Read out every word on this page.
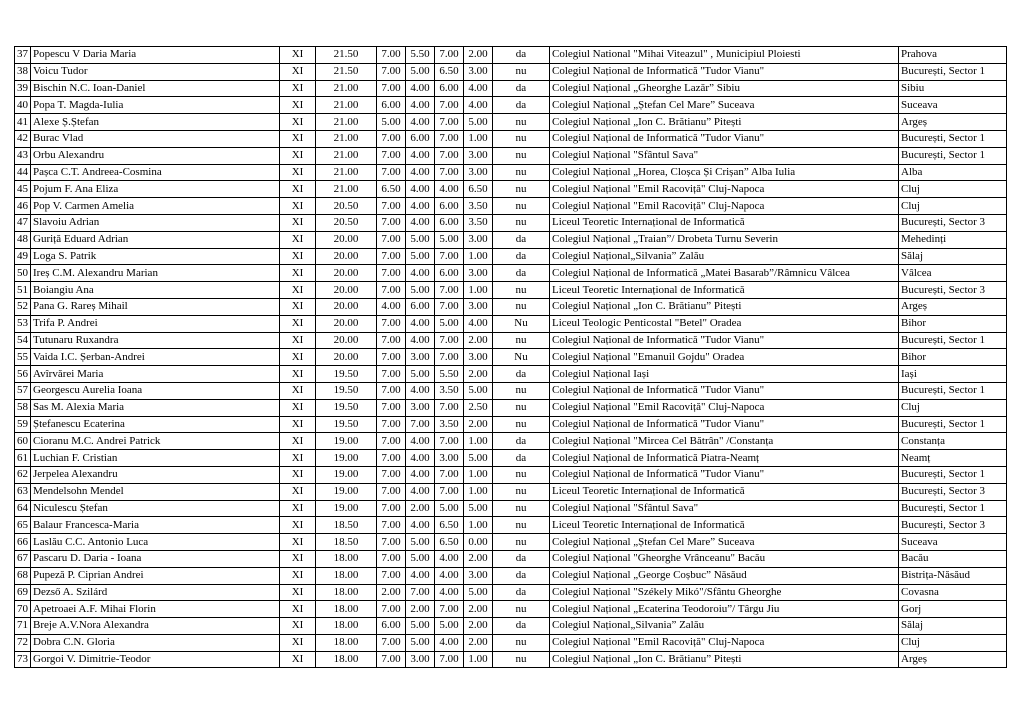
37	Popescu V Daria Maria	XI	21.50	7.00	5.50	7.00	2.00	da	Colegiul National "Mihai Viteazul" , Municipiul Ploiesti	Prahova
38	Voicu Tudor	XI	21.50	7.00	5.00	6.50	3.00	nu	Colegiul Național de Informatică ''Tudor Vianu"	București, Sector 1
39	Bischin N.C. Ioan-Daniel	XI	21.00	7.00	4.00	6.00	4.00	da	Colegiul Național „Gheorghe Lazăr” Sibiu	Sibiu
40	Popa T. Magda-Iulia	XI	21.00	6.00	4.00	7.00	4.00	da	Colegiul Național „Ștefan Cel Mare” Suceava	Suceava
41	Alexe Ș.Ștefan	XI	21.00	5.00	4.00	7.00	5.00	nu	Colegiul Național „Ion C. Brătianu” Pitești	Argeș
42	Burac Vlad	XI	21.00	7.00	6.00	7.00	1.00	nu	Colegiul Național de Informatică ''Tudor Vianu"	București, Sector 1
43	Orbu Alexandru	XI	21.00	7.00	4.00	7.00	3.00	nu	Colegiul Național "Sfântul Sava"	București, Sector 1
44	Pașca C.T. Andreea-Cosmina	XI	21.00	7.00	4.00	7.00	3.00	nu	Colegiul Național „Horea, Cloșca Și Crișan” Alba Iulia	Alba
45	Pojum F. Ana Eliza	XI	21.00	6.50	4.00	4.00	6.50	nu	Colegiul Național "Emil Racoviță" Cluj-Napoca	Cluj
46	Pop V. Carmen Amelia	XI	20.50	7.00	4.00	6.00	3.50	nu	Colegiul Național "Emil Racoviță" Cluj-Napoca	Cluj
47	Slavoiu Adrian	XI	20.50	7.00	4.00	6.00	3.50	nu	Liceul Teoretic Internațional de Informatică	București, Sector 3
48	Guriță Eduard Adrian	XI	20.00	7.00	5.00	5.00	3.00	da	Colegiul Național „Traian”/ Drobeta Turnu Severin	Mehedinți
49	Loga S. Patrik	XI	20.00	7.00	5.00	7.00	1.00	da	Colegiul Național„Silvania” Zalău	Sălaj
50	Ireș C.M. Alexandru Marian	XI	20.00	7.00	4.00	6.00	3.00	da	Colegiul Național de Informatică „Matei Basarab”/Râmnicu Vâlcea	Vâlcea
51	Boiangiu Ana	XI	20.00	7.00	5.00	7.00	1.00	nu	Liceul Teoretic Internațional de Informatică	București, Sector 3
52	Pana G. Rareș Mihail	XI	20.00	4.00	6.00	7.00	3.00	nu	Colegiul Național „Ion C. Brătianu” Pitești	Argeș
53	Trifa P. Andrei	XI	20.00	7.00	4.00	5.00	4.00	Nu	Liceul Teologic Penticostal "Betel" Oradea	Bihor
54	Tutunaru Ruxandra	XI	20.00	7.00	4.00	7.00	2.00	nu	Colegiul Național de Informatică ''Tudor Vianu"	București, Sector 1
55	Vaida I.C. Șerban-Andrei	XI	20.00	7.00	3.00	7.00	3.00	Nu	Colegiul Național "Emanuil Gojdu" Oradea	Bihor
56	Avîrvărei Maria	XI	19.50	7.00	5.00	5.50	2.00	da	Colegiul Național Iași	Iași
57	Georgescu Aurelia Ioana	XI	19.50	7.00	4.00	3.50	5.00	nu	Colegiul Național de Informatică ''Tudor Vianu"	București, Sector 1
58	Sas M. Alexia Maria	XI	19.50	7.00	3.00	7.00	2.50	nu	Colegiul Național "Emil Racoviță" Cluj-Napoca	Cluj
59	Ștefanescu Ecaterina	XI	19.50	7.00	7.00	3.50	2.00	nu	Colegiul Național de Informatică ''Tudor Vianu"	București, Sector 1
60	Cioranu M.C. Andrei Patrick	XI	19.00	7.00	4.00	7.00	1.00	da	Colegiul Național "Mircea Cel Bătrân" /Constanța	Constanța
61	Luchian F. Cristian	XI	19.00	7.00	4.00	3.00	5.00	da	Colegiul Național de Informatică Piatra-Neamț	Neamț
62	Jerpelea Alexandru	XI	19.00	7.00	4.00	7.00	1.00	nu	Colegiul Național de Informatică ''Tudor Vianu"	București, Sector 1
63	Mendelsohn Mendel	XI	19.00	7.00	4.00	7.00	1.00	nu	Liceul Teoretic Internațional de Informatică	București, Sector 3
64	Niculescu Ștefan	XI	19.00	7.00	2.00	5.00	5.00	nu	Colegiul Național "Sfântul Sava"	București, Sector 1
65	Balaur Francesca-Maria	XI	18.50	7.00	4.00	6.50	1.00	nu	Liceul Teoretic Internațional de Informatică	București, Sector 3
66	Laslău C.C. Antonio Luca	XI	18.50	7.00	5.00	6.50	0.00	nu	Colegiul Național „Ștefan Cel Mare” Suceava	Suceava
67	Pascaru D. Daria - Ioana	XI	18.00	7.00	5.00	4.00	2.00	da	Colegiul Național "Gheorghe Vrânceanu" Bacău	Bacău
68	Pupeză P. Ciprian Andrei	XI	18.00	7.00	4.00	4.00	3.00	da	Colegiul Național „George Coșbuc” Năsăud	Bistrița-Năsăud
69	Dezső A. Szilárd	XI	18.00	2.00	7.00	4.00	5.00	da	Colegiul Național "Székely Mikó"/Sfântu Gheorghe	Covasna
70	Apetroaei A.F. Mihai Florin	XI	18.00	7.00	2.00	7.00	2.00	nu	Colegiul Național „Ecaterina Teodoroiu”/ Târgu Jiu	Gorj
71	Breje A.V.Nora Alexandra	XI	18.00	6.00	5.00	5.00	2.00	da	Colegiul Național„Silvania” Zalău	Sălaj
72	Dobra C.N. Gloria	XI	18.00	7.00	5.00	4.00	2.00	nu	Colegiul Național "Emil Racoviță" Cluj-Napoca	Cluj
73	Gorgoi V. Dimitrie-Teodor	XI	18.00	7.00	3.00	7.00	1.00	nu	Colegiul Național „Ion C. Brătianu” Pitești	Argeș
